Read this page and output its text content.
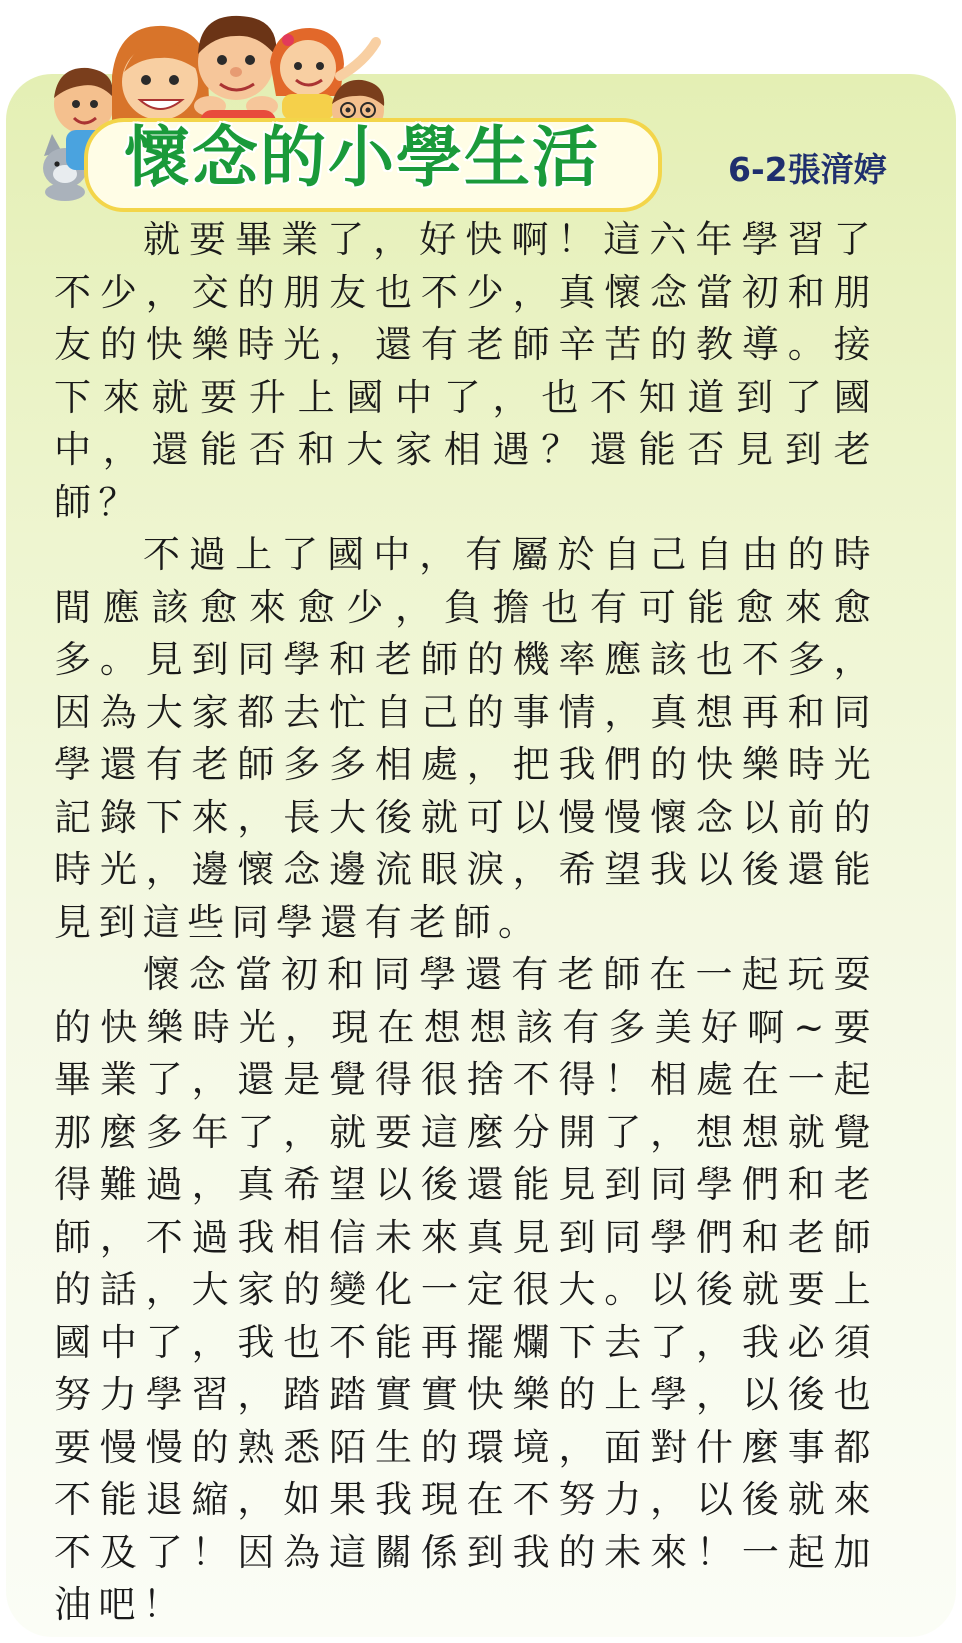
懷念的小學生活	6-2張湇婷

就要畢業了，好快啊！這六年學習了不少，交的朋友也不少，真懷念當初和朋友的快樂時光，還有老師辛苦的教導。接下來就要升上國中了，也不知道到了國中，還能否和大家相遇？還能否見到老師？

不過上了國中，有屬於自己自由的時間應該愈來愈少，負擔也有可能愈來愈多。見到同學和老師的機率應該也不多，因為大家都去忙自己的事情，真想再和同學還有老師多多相處，把我們的快樂時光記錄下來，長大後就可以慢慢懷念以前的時光，邊懷念邊流眼淚，希望我以後還能見到這些同學還有老師。

懷念當初和同學還有老師在一起玩耍的快樂時光，現在想想該有多美好啊~要畢業了，還是覺得很捨不得！相處在一起那麼多年了，就要這麼分開了，想想就覺得難過，真希望以後還能見到同學們和老師，不過我相信未來真見到同學們和老師的話，大家的變化一定很大。以後就要上國中了，我也不能再擺爛下去了，我必須努力學習，踏踏實實快樂的上學，以後也要慢慢的熟悉陌生的環境，面對什麼事都不能退縮，如果我現在不努力，以後就來不及了！因為這關係到我的未來！一起加油吧！
